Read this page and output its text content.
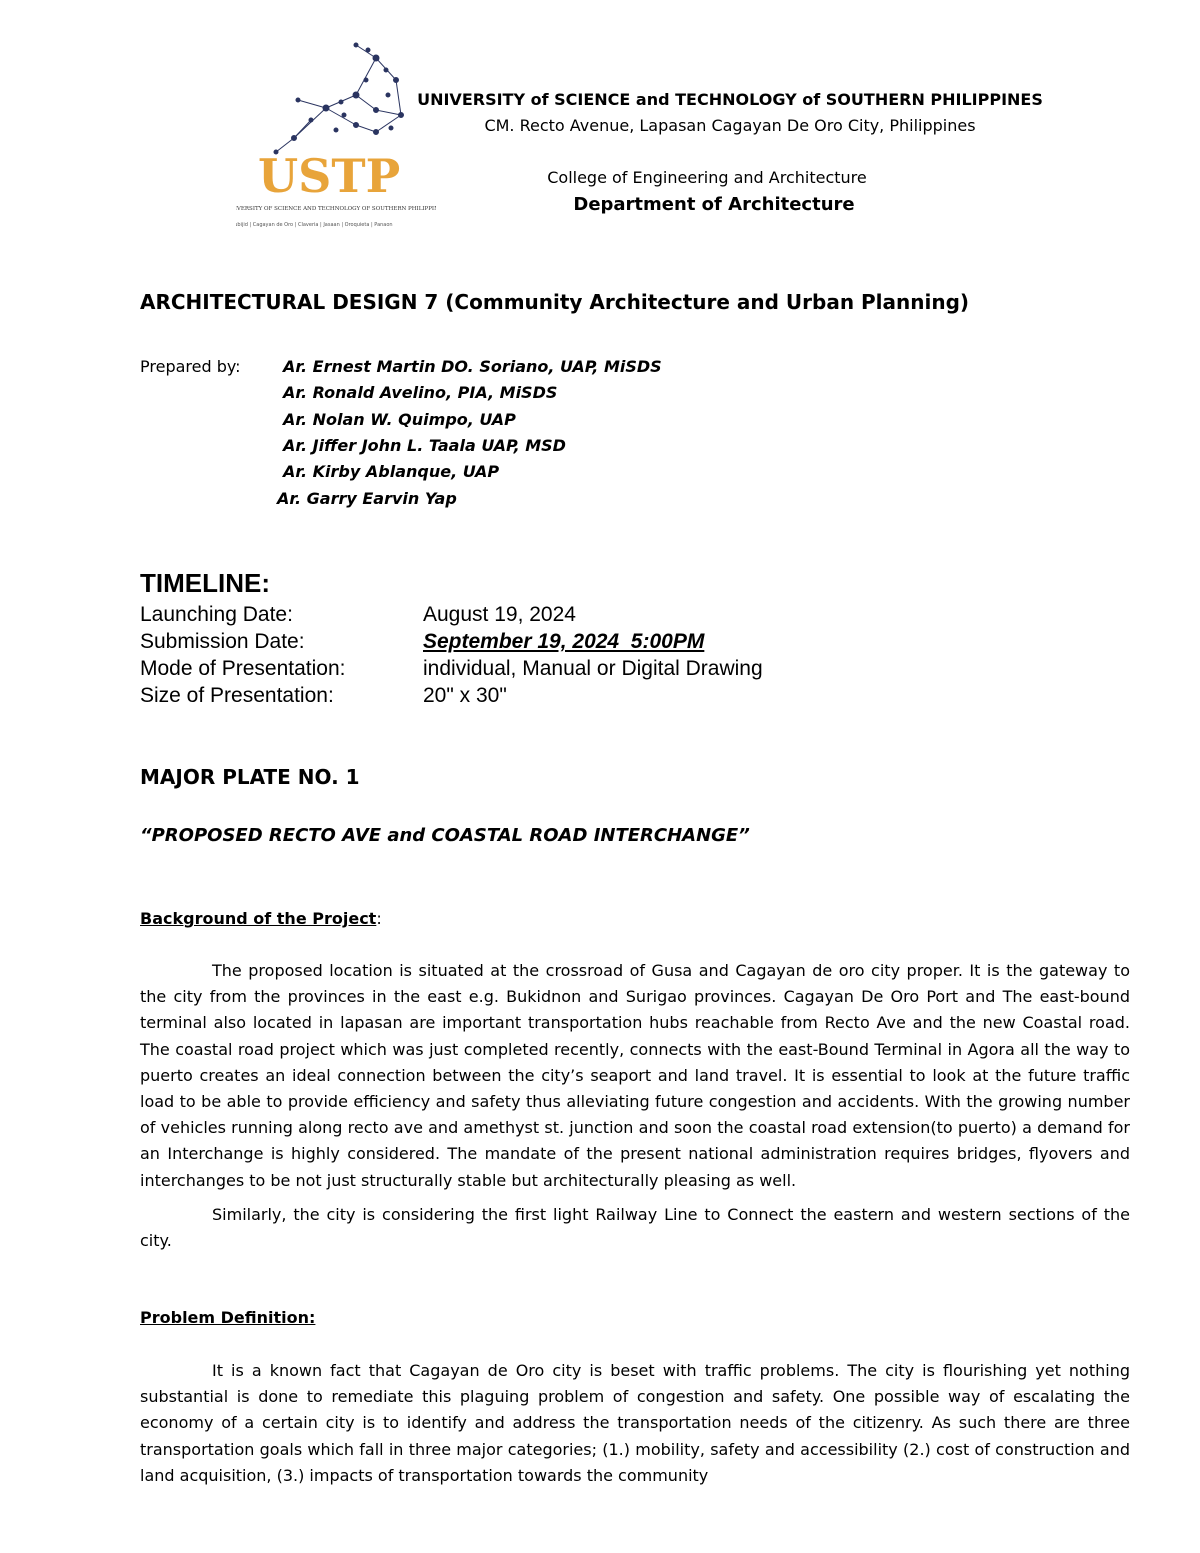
USTP
UNIVERSITY OF SCIENCE AND TECHNOLOGY OF SOUTHERN PHILIPPINES
Alubijid | Cagayan de Oro | Claveria | Jasaan | Oroquieta | Panaon
UNIVERSITY of SCIENCE and TECHNOLOGY of SOUTHERN PHILIPPINES
CM. Recto Avenue, Lapasan Cagayan De Oro City, Philippines
College of Engineering and Architecture
Department of Architecture
ARCHITECTURAL DESIGN 7 (Community Architecture and Urban Planning)
Prepared by:	Ar. Ernest Martin DO. Soriano, UAP, MiSDS
Ar. Ronald Avelino, PIA, MiSDS
Ar. Nolan W. Quimpo, UAP
Ar. Jiffer John L. Taala UAP, MSD
Ar. Kirby Ablanque, UAP
Ar. Garry Earvin Yap
TIMELINE:
Launching Date:	August 19, 2024
Submission Date:	September 19, 2024  5:00PM
Mode of Presentation:	individual, Manual or Digital Drawing
Size of Presentation:	20" x 30"
MAJOR PLATE NO. 1
“PROPOSED RECTO AVE and COASTAL ROAD INTERCHANGE”
Background of the Project:

The proposed location is situated at the crossroad of Gusa and Cagayan de oro city proper. It is the gateway to the city from the provinces in the east e.g. Bukidnon and Surigao provinces. Cagayan De Oro Port and The east-bound terminal also located in lapasan are important transportation hubs reachable from Recto Ave and the new Coastal road. The coastal road project which was just completed recently, connects with the east-Bound Terminal in Agora all the way to puerto creates an ideal connection between the city’s seaport and land travel. It is essential to look at the future traffic load to be able to provide efficiency and safety thus alleviating future congestion and accidents. With the growing number of vehicles running along recto ave and amethyst st. junction and soon the coastal road extension(to puerto) a demand for an Interchange is highly considered. The mandate of the present national administration requires bridges, flyovers and interchanges to be not just structurally stable but architecturally pleasing as well.

Similarly, the city is considering the first light Railway Line to Connect the eastern and western sections of the city.

Problem Definition:

It is a known fact that Cagayan de Oro city is beset with traffic problems. The city is flourishing yet nothing substantial is done to remediate this plaguing problem of congestion and safety. One possible way of escalating the economy of a certain city is to identify and address the transportation needs of the citizenry. As such there are three transportation goals which fall in three major categories; (1.) mobility, safety and accessibility (2.) cost of construction and land acquisition, (3.) impacts of transportation towards the community
